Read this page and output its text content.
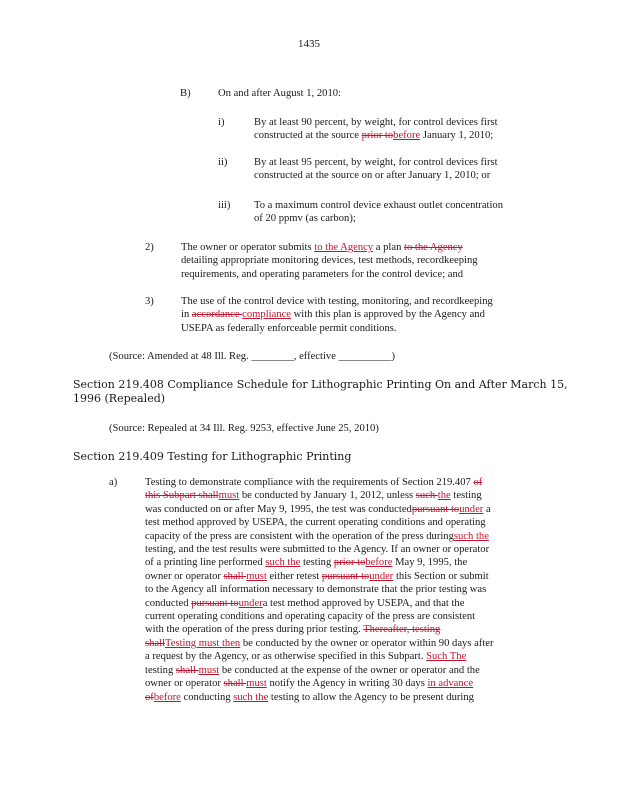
1435
B)	On and after August 1, 2010:
i)	By at least 90 percent, by weight, for control devices first

constructed at the source prior tobefore January 1, 2010;

ii)	By at least 95 percent, by weight, for control devices first

constructed at the source on or after January 1, 2010; or

iii) To a maximum control device exhaust outlet concentration

of 20 ppmv (as carbon);

2)	The owner or operator submits to the Agency a plan to the Agency

detailing appropriate monitoring devices, test methods, recordkeeping

requirements, and operating parameters for the control device; and

3)	The use of the control device with testing, monitoring, and recordkeeping

in accordance compliance with this plan is approved by the Agency and

USEPA as federally enforceable permit conditions.

(Source: Amended at 48 Ill. Reg. ________, effective __________)

Section 219.408 Compliance Schedule for Lithographic Printing On and After March 15,

1996 (Repealed)

(Source: Repealed at 34 Ill. Reg. 9253, effective June 25, 2010)
Section 219.409 Testing for Lithographic Printing
a)	Testing to demonstrate compliance with the requirements of Section 219.407 of

this Subpart shallmust be conducted by January 1, 2012, unless such the testing

was conducted on or after May 9, 1995, the test was conductedpursuant tounder a

test method approved by USEPA, the current operating conditions and operating

capacity of the press are consistent with the operation of the press duringsuch the

testing, and the test results were submitted to the Agency. If an owner or operator

of a printing line performed such the testing prior tobefore May 9, 1995, the

owner or operator shall must either retest pursuant tounder this Section or submit

to the Agency all information necessary to demonstrate that the prior testing was

conducted pursuant toundera test method approved by USEPA, and that the

current operating conditions and operating capacity of the press are consistent

with the operation of the press during prior testing. Thereafter, testing

shallTesting must then be conducted by the owner or operator within 90 days after

a request by the Agency, or as otherwise specified in this Subpart. Such The

testing shall must be conducted at the expense of the owner or operator and the

owner or operator shall must notify the Agency in writing 30 days in advance

ofbefore conducting such the testing to allow the Agency to be present during
